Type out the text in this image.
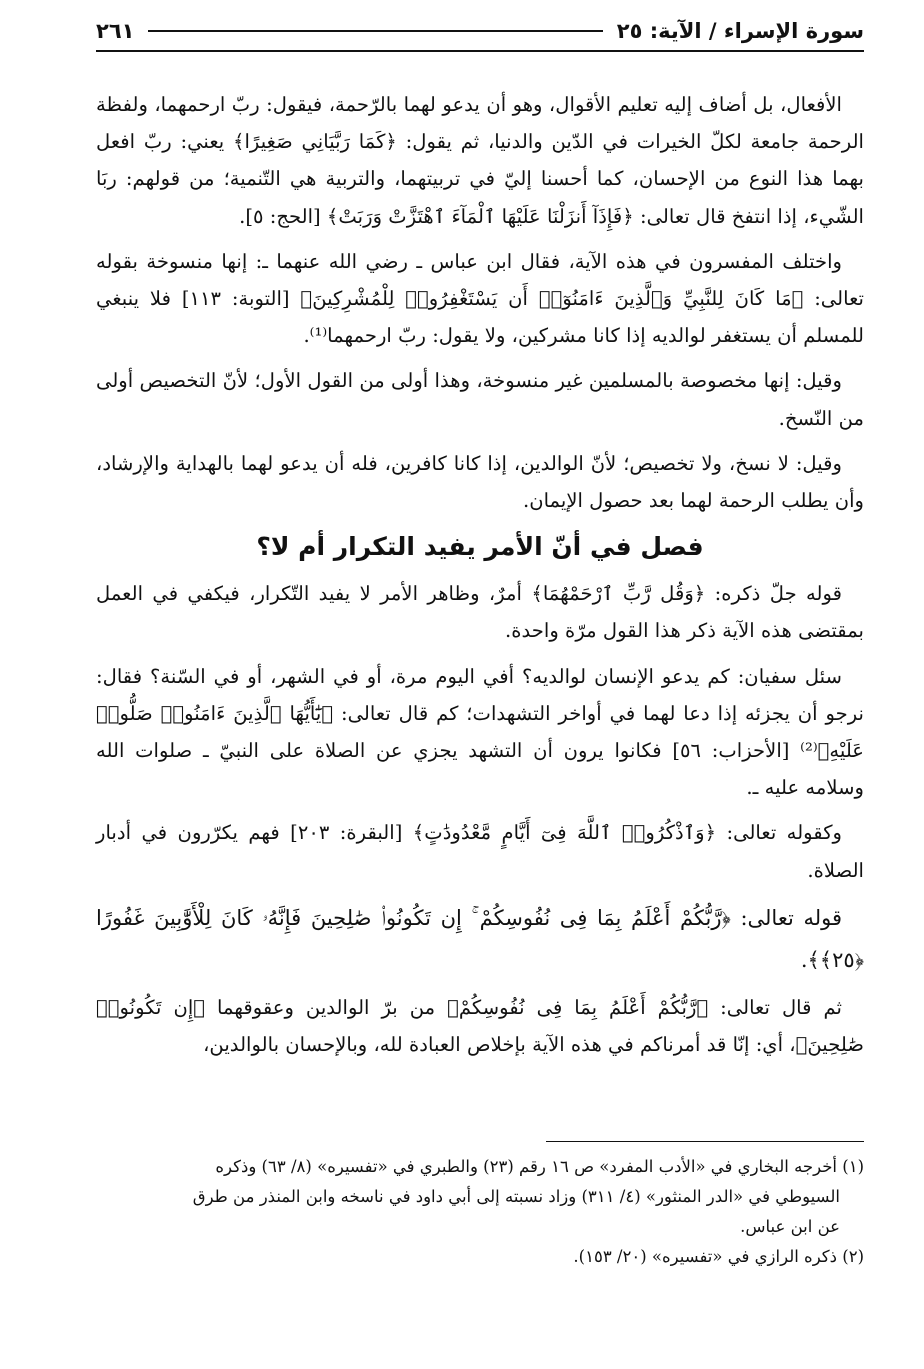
سورة الإسراء / الآية: ٢٥
٢٦١

الأفعال، بل أضاف إليه تعليم الأقوال، وهو أن يدعو لهما بالرّحمة، فيقول: ربّ ارحمهما، ولفظة الرحمة جامعة لكلّ الخيرات في الدّين والدنيا، ثم يقول: ﴿كَمَا رَبَّيَانِي صَغِيرًا﴾ يعني: ربّ افعل بهما هذا النوع من الإحسان، كما أحسنا إليّ في تربيتهما، والتربية هي التّنمية؛ من قولهم: ربَا الشّيء، إذا انتفخ قال تعالى: ﴿فَإِذَآ أَنزَلْنَا عَلَيْهَا ٱلْمَآءَ ٱهْتَزَّتْ وَرَبَتْ﴾ [الحج: ٥].

واختلف المفسرون في هذه الآية، فقال ابن عباس ـ رضي الله عنهما ـ: إنها منسوخة بقوله تعالى: ﴿مَا كَانَ لِلنَّبِيِّ وَٱلَّذِينَ ءَامَنُوٓا۟ أَن يَسْتَغْفِرُوا۟ لِلْمُشْرِكِينَ﴾ [التوبة: ١١٣] فلا ينبغي للمسلم أن يستغفر لوالديه إذا كانا مشركين، ولا يقول: ربّ ارحمهما⁽¹⁾.

وقيل: إنها مخصوصة بالمسلمين غير منسوخة، وهذا أولى من القول الأول؛ لأنّ التخصيص أولى من النّسخ.

وقيل: لا نسخ، ولا تخصيص؛ لأنّ الوالدين، إذا كانا كافرين، فله أن يدعو لهما بالهداية والإرشاد، وأن يطلب الرحمة لهما بعد حصول الإيمان.

فصل في أنّ الأمر يفيد التكرار أم لا؟

قوله جلّ ذكره: ﴿وَقُل رَّبِّ ٱرْحَمْهُمَا﴾ أمرٌ، وظاهر الأمر لا يفيد التّكرار، فيكفي في العمل بمقتضى هذه الآية ذكر هذا القول مرّة واحدة.

سئل سفيان: كم يدعو الإنسان لوالديه؟ أفي اليوم مرة، أو في الشهر، أو في السّنة؟ فقال: نرجو أن يجزئه إذا دعا لهما في أواخر التشهدات؛ كم قال تعالى: ﴿يَٰٓأَيُّهَا ٱلَّذِينَ ءَامَنُوا۟ صَلُّوا۟ عَلَيْهِ﴾⁽²⁾ [الأحزاب: ٥٦] فكانوا يرون أن التشهد يجزي عن الصلاة على النبيّ ـ صلوات الله وسلامه عليه ـ.

وكقوله تعالى: ﴿وَٱذْكُرُوا۟ ٱللَّهَ فِىٓ أَيَّامٍ مَّعْدُودَٰتٍ﴾ [البقرة: ٢٠٣] فهم يكرّرون في أدبار الصلاة.

قوله تعالى: ﴿رَّبُّكُمْ أَعْلَمُ بِمَا فِى نُفُوسِكُمْ ۚ إِن تَكُونُوا۟ صَٰلِحِينَ فَإِنَّهُۥ كَانَ لِلْأَوَّٰبِينَ غَفُورًا ﴿٢٥﴾﴾.

ثم قال تعالى: ﴿رَّبُّكُمْ أَعْلَمُ بِمَا فِى نُفُوسِكُمْ﴾ من برّ الوالدين وعقوقهما ﴿إِن تَكُونُوا۟ صَٰلِحِينَ﴾، أي: إنّا قد أمرناكم في هذه الآية بإخلاص العبادة لله، وبالإحسان بالوالدين،

(١) أخرجه البخاري في «الأدب المفرد» ص ١٦ رقم (٢٣) والطبري في «تفسيره» (٨/ ٦٣) وذكره

السيوطي في «الدر المنثور» (٤/ ٣١١) وزاد نسبته إلى أبي داود في ناسخه وابن المنذر من طرق

عن ابن عباس.

(٢) ذكره الرازي في «تفسيره» (٢٠/ ١٥٣).
